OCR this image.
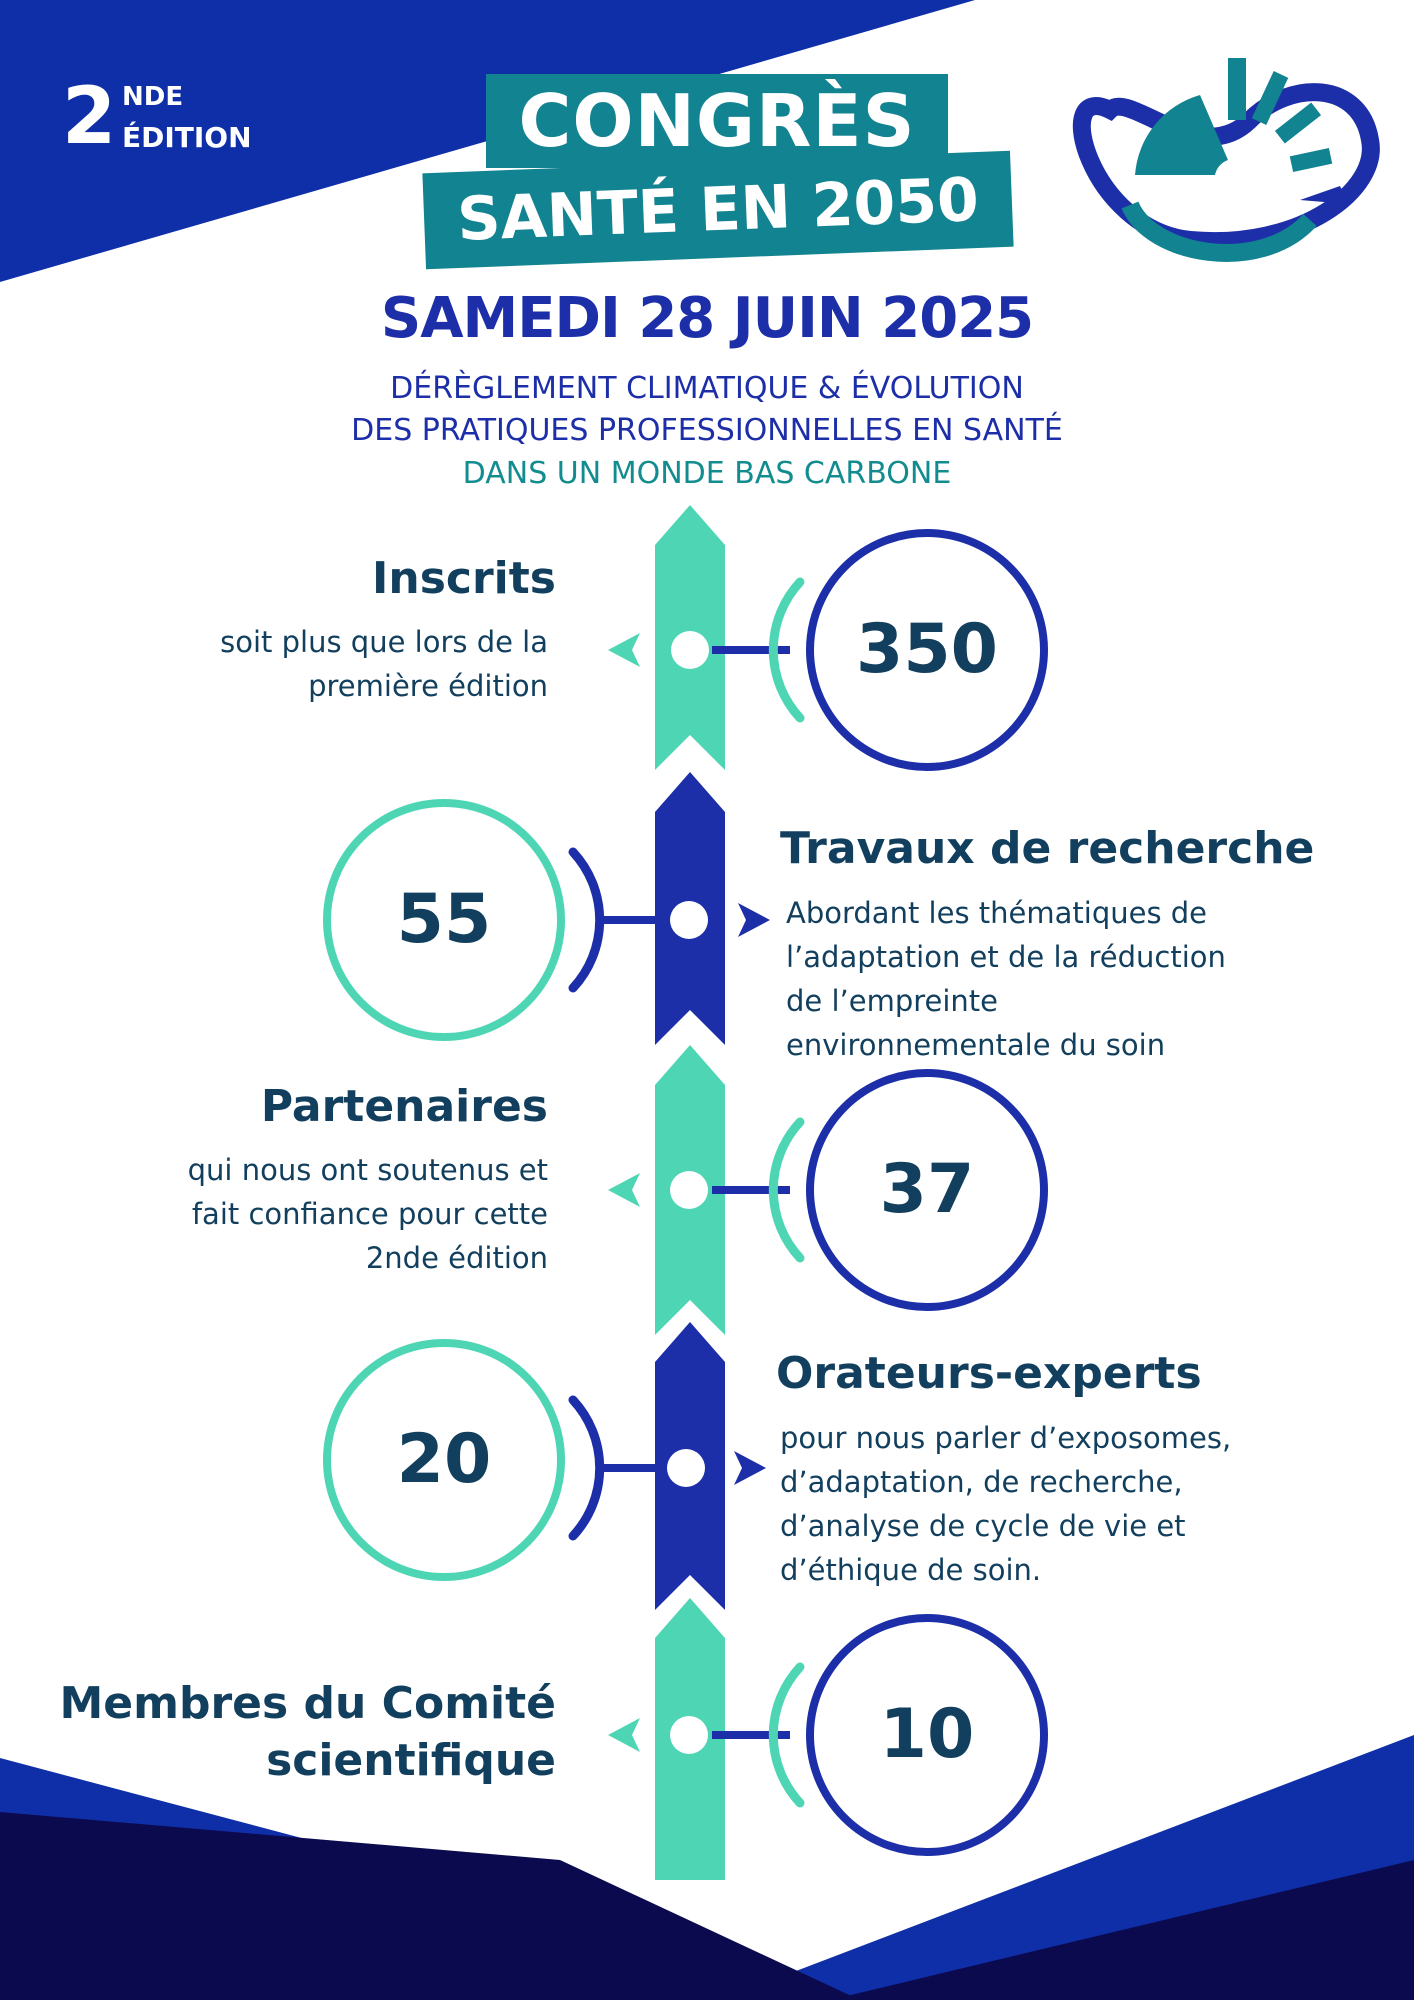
2 NDE
ÉDITION	CONGRÈS
SANTÉ EN 2050
SAMEDI 28 JUIN 2025
DÉRÈGLEMENT CLIMATIQUE & ÉVOLUTION
DES PRATIQUES PROFESSIONNELLES EN SANTÉ
DANS UN MONDE BAS CARBONE
350
Inscrits
soit plus que lors de la
première édition
55
Travaux de recherche
Abordant les thématiques de
l’adaptation et de la réduction
de l’empreinte
environnementale du soin
37
Partenaires
qui nous ont soutenus et
fait confiance pour cette
2nde édition
20
Orateurs-experts
pour nous parler d’exposomes,
d’adaptation, de recherche,
d’analyse de cycle de vie et
d’éthique de soin.
10
Membres du Comité
scientifique
